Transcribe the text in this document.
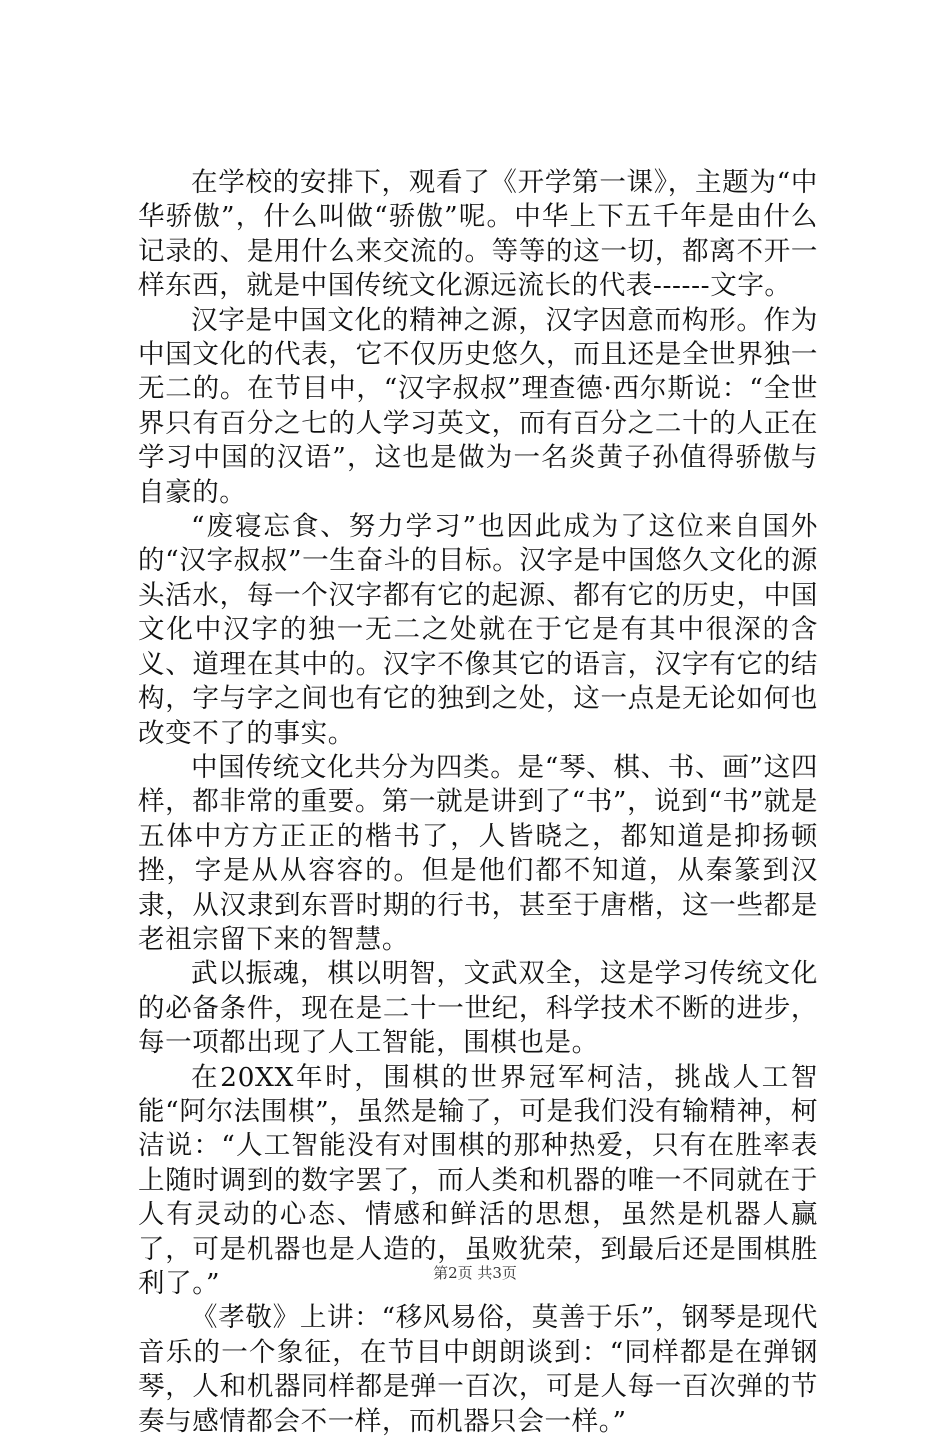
在学校的安排下，观看了《开学第一课》，主题为“中华骄傲”，什么叫做“骄傲”呢。中华上下五千年是由什么记录的、是用什么来交流的。等等的这一切，都离不开一样东西，就是中国传统文化源远流长的代表------文字。

汉字是中国文化的精神之源，汉字因意而构形。作为中国文化的代表，它不仅历史悠久，而且还是全世界独一无二的。在节目中，“汉字叔叔”理查德·西尔斯说：“全世界只有百分之七的人学习英文，而有百分之二十的人正在学习中国的汉语”，这也是做为一名炎黄子孙值得骄傲与自豪的。

“废寝忘食、努力学习”也因此成为了这位来自国外的“汉字叔叔”一生奋斗的目标。汉字是中国悠久文化的源头活水，每一个汉字都有它的起源、都有它的历史，中国文化中汉字的独一无二之处就在于它是有其中很深的含义、道理在其中的。汉字不像其它的语言，汉字有它的结构，字与字之间也有它的独到之处，这一点是无论如何也改变不了的事实。

中国传统文化共分为四类。是“琴、棋、书、画”这四样，都非常的重要。第一就是讲到了“书”，说到“书”就是五体中方方正正的楷书了，人皆晓之，都知道是抑扬顿挫，字是从从容容的。但是他们都不知道，从秦篆到汉隶，从汉隶到东晋时期的行书，甚至于唐楷，这一些都是老祖宗留下来的智慧。

武以振魂，棋以明智，文武双全，这是学习传统文化的必备条件，现在是二十一世纪，科学技术不断的进步，每一项都出现了人工智能，围棋也是。

在20XX年时，围棋的世界冠军柯洁，挑战人工智能“阿尔法围棋”，虽然是输了，可是我们没有输精神，柯洁说：“人工智能没有对围棋的那种热爱，只有在胜率表上随时调到的数字罢了，而人类和机器的唯一不同就在于人有灵动的心态、情感和鲜活的思想，虽然是机器人赢了，可是机器也是人造的，虽败犹荣，到最后还是围棋胜利了。”

《孝敬》上讲：“移风易俗，莫善于乐”，钢琴是现代音乐的一个象征，在节目中朗朗谈到：“同样都是在弹钢琴，人和机器同样都是弹一百次，可是人每一百次弹的节奏与感情都会不一样，而机器只会一样。”

第2页 共3页
